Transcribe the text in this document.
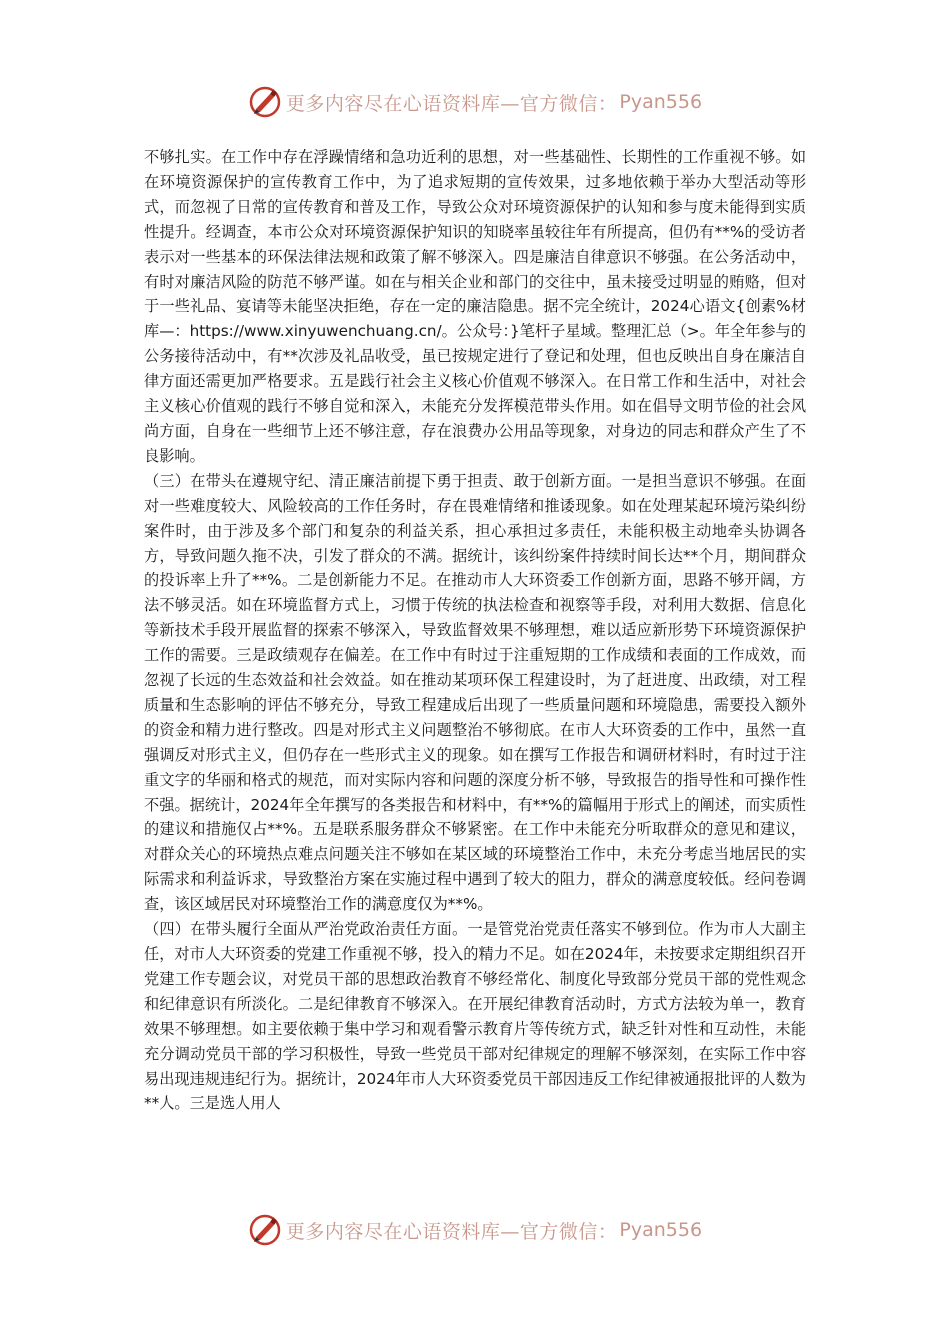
更多内容尽在心语资料库—官方微信： Pyan556

不够扎实。在工作中存在浮躁情绪和急功近利的思想，对一些基础性、长期性的工作重视不够。如在环境资源保护的宣传教育工作中，为了追求短期的宣传效果，过多地依赖于举办大型活动等形式，而忽视了日常的宣传教育和普及工作，导致公众对环境资源保护的认知和参与度未能得到实质性提升。经调查，本市公众对环境资源保护知识的知晓率虽较往年有所提高，但仍有**%的受访者表示对一些基本的环保法律法规和政策了解不够深入。四是廉洁自律意识不够强。在公务活动中，有时对廉洁风险的防范不够严谨。如在与相关企业和部门的交往中，虽未接受过明显的贿赂，但对于一些礼品、宴请等未能坚决拒绝，存在一定的廉洁隐患。据不完全统计，2024心语文{创素%材库—：https://www.xinyuwenchuang.cn/。公众号：}笔杆子星域。整理汇总（>。年全年参与的公务接待活动中，有**次涉及礼品收受，虽已按规定进行了登记和处理，但也反映出自身在廉洁自律方面还需更加严格要求。五是践行社会主义核心价值观不够深入。在日常工作和生活中，对社会主义核心价值观的践行不够自觉和深入，未能充分发挥模范带头作用。如在倡导文明节俭的社会风尚方面，自身在一些细节上还不够注意，存在浪费办公用品等现象，对身边的同志和群众产生了不良影响。

（三）在带头在遵规守纪、清正廉洁前提下勇于担责、敢于创新方面。一是担当意识不够强。在面对一些难度较大、风险较高的工作任务时，存在畏难情绪和推诿现象。如在处理某起环境污染纠纷案件时，由于涉及多个部门和复杂的利益关系，担心承担过多责任，未能积极主动地牵头协调各方，导致问题久拖不决，引发了群众的不满。据统计，该纠纷案件持续时间长达**个月，期间群众的投诉率上升了**%。二是创新能力不足。在推动市人大环资委工作创新方面，思路不够开阔，方法不够灵活。如在环境监督方式上，习惯于传统的执法检查和视察等手段，对利用大数据、信息化等新技术手段开展监督的探索不够深入，导致监督效果不够理想，难以适应新形势下环境资源保护工作的需要。三是政绩观存在偏差。在工作中有时过于注重短期的工作成绩和表面的工作成效，而忽视了长远的生态效益和社会效益。如在推动某项环保工程建设时，为了赶进度、出政绩，对工程质量和生态影响的评估不够充分，导致工程建成后出现了一些质量问题和环境隐患，需要投入额外的资金和精力进行整改。四是对形式主义问题整治不够彻底。在市人大环资委的工作中，虽然一直强调反对形式主义，但仍存在一些形式主义的现象。如在撰写工作报告和调研材料时，有时过于注重文字的华丽和格式的规范，而对实际内容和问题的深度分析不够，导致报告的指导性和可操作性不强。据统计，2024年全年撰写的各类报告和材料中，有**%的篇幅用于形式上的阐述，而实质性的建议和措施仅占**%。五是联系服务群众不够紧密。在工作中未能充分听取群众的意见和建议，对群众关心的环境热点难点问题关注不够如在某区域的环境整治工作中，未充分考虑当地居民的实际需求和利益诉求，导致整治方案在实施过程中遇到了较大的阻力，群众的满意度较低。经问卷调查，该区域居民对环境整治工作的满意度仅为**%。

（四）在带头履行全面从严治党政治责任方面。一是管党治党责任落实不够到位。作为市人大副主任，对市人大环资委的党建工作重视不够，投入的精力不足。如在2024年，未按要求定期组织召开党建工作专题会议，对党员干部的思想政治教育不够经常化、制度化导致部分党员干部的党性观念和纪律意识有所淡化。二是纪律教育不够深入。在开展纪律教育活动时，方式方法较为单一，教育效果不够理想。如主要依赖于集中学习和观看警示教育片等传统方式，缺乏针对性和互动性，未能充分调动党员干部的学习积极性，导致一些党员干部对纪律规定的理解不够深刻，在实际工作中容易出现违规违纪行为。据统计，2024年市人大环资委党员干部因违反工作纪律被通报批评的人数为**人。三是选人用人

更多内容尽在心语资料库—官方微信： Pyan556
